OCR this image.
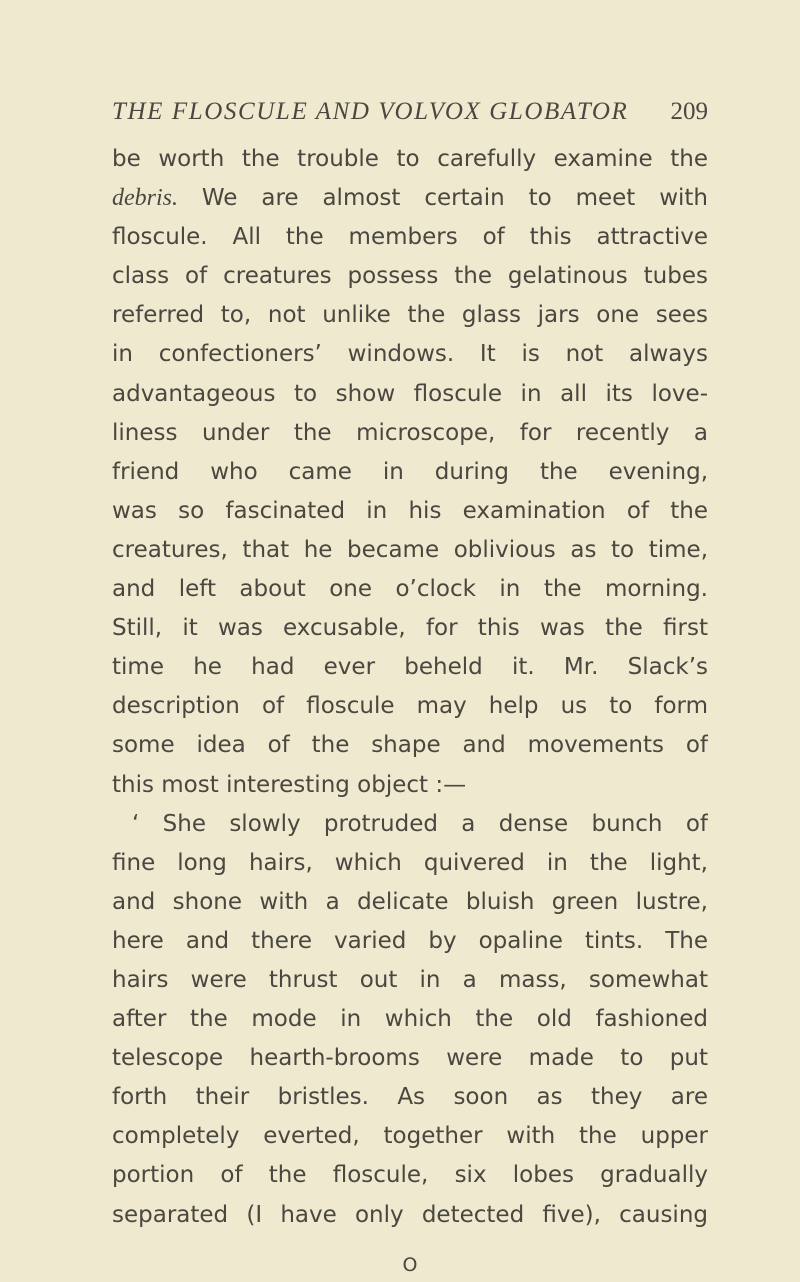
THE FLOSCULE AND VOLVOX GLOBATOR 209
be worth the trouble to carefully examine the
debris. We are almost certain to meet with
floscule. All the members of this attractive
class of creatures possess the gelatinous tubes
referred to, not unlike the glass jars one sees
in confectioners’ windows. It is not always
advantageous to show floscule in all its love-
liness under the microscope, for recently a
friend who came in during the evening,
was so fascinated in his examination of the
creatures, that he became oblivious as to time,
and left about one o’clock in the morning.
Still, it was excusable, for this was the first
time he had ever beheld it. Mr. Slack’s
description of floscule may help us to form
some idea of the shape and movements of
this most interesting object :—
‘ She slowly protruded a dense bunch of
fine long hairs, which quivered in the light,
and shone with a delicate bluish green lustre,
here and there varied by opaline tints. The
hairs were thrust out in a mass, somewhat
after the mode in which the old fashioned
telescope hearth-brooms were made to put
forth their bristles. As soon as they are
completely everted, together with the upper
portion of the floscule, six lobes gradually
separated (I have only detected five), causing
O
